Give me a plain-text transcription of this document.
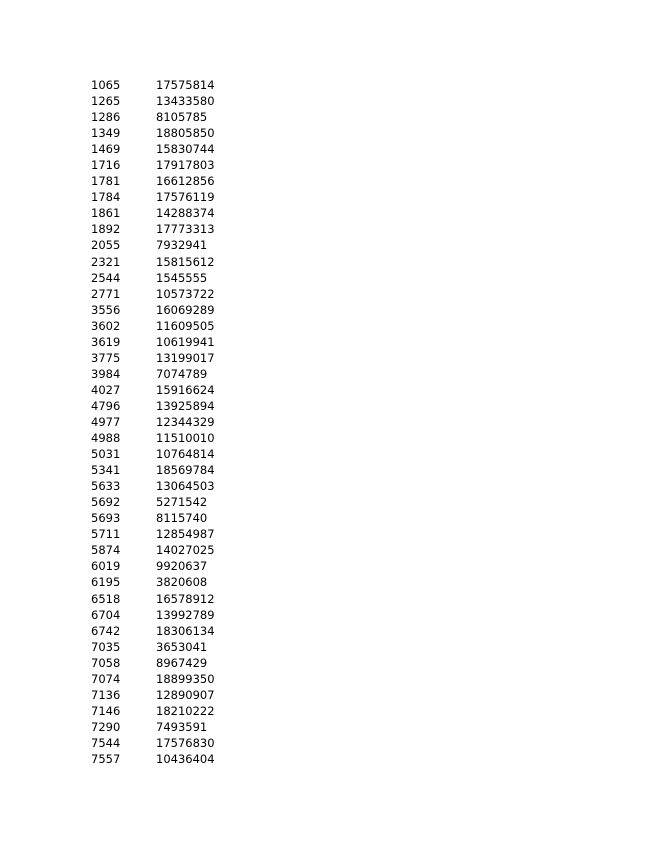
1065	17575814
1265	13433580
1286	8105785
1349	18805850
1469	15830744
1716	17917803
1781	16612856
1784	17576119
1861	14288374
1892	17773313
2055	7932941
2321	15815612
2544	1545555
2771	10573722
3556	16069289
3602	11609505
3619	10619941
3775	13199017
3984	7074789
4027	15916624
4796	13925894
4977	12344329
4988	11510010
5031	10764814
5341	18569784
5633	13064503
5692	5271542
5693	8115740
5711	12854987
5874	14027025
6019	9920637
6195	3820608
6518	16578912
6704	13992789
6742	18306134
7035	3653041
7058	8967429
7074	18899350
7136	12890907
7146	18210222
7290	7493591
7544	17576830
7557	10436404
